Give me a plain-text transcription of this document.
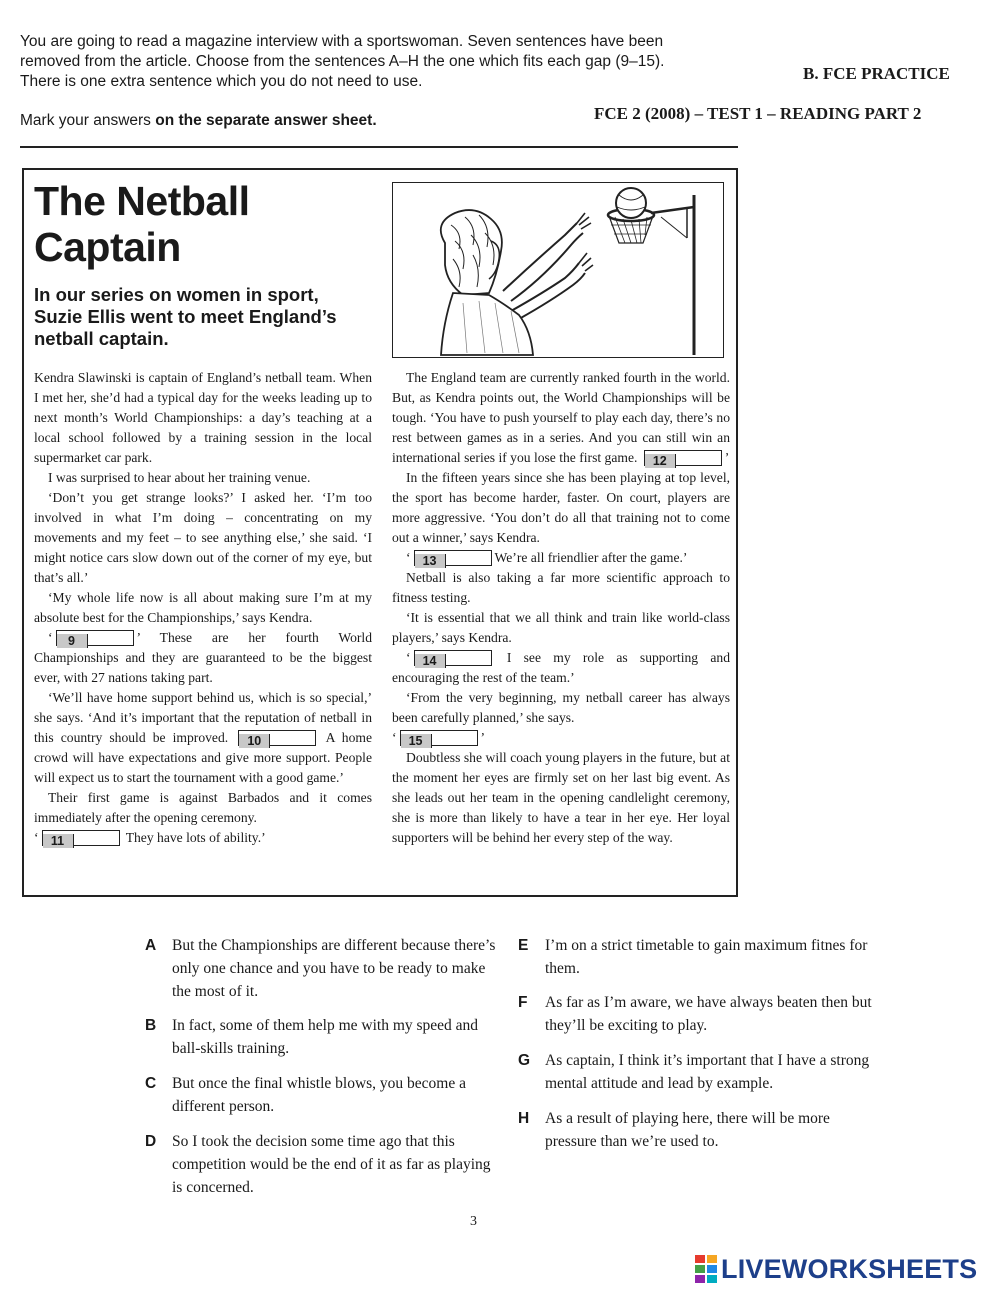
You are going to read a magazine interview with a sportswoman. Seven sentences have been

removed from the article. Choose from the sentences A–H the one which fits each gap (9–15).

There is one extra sentence which you do not need to use.

Mark your answers on the separate answer sheet.
B. FCE PRACTICE
FCE 2 (2008) – TEST 1 – READING PART 2
The Netball
Captain
In our series on women in sport,
Suzie Ellis went to meet England’s
netball captain.

Kendra Slawinski is captain of England’s netball team. When I met her, she’d had a typical day for the weeks leading up to next month’s World Championships: a day’s teaching at a local school followed by a training session in the local supermarket car park.

I was surprised to hear about her training venue.

‘Don’t you get strange looks?’ I asked her. ‘I’m too involved in what I’m doing – concentrating on my movements and my feet – to see anything else,’ she said. ‘I might notice cars slow down out of the corner of my eye, but that’s all.’

‘My whole life now is all about making sure I’m at my absolute best for the Championships,’ says Kendra.

‘ 9	’ These are her fourth World Championships and they are guaranteed to be the biggest ever, with 27 nations taking part.

‘We’ll have home support behind us, which is so special,’ she says. ‘And it’s important that the reputation of netball in this country should be improved. 10	A home crowd will have expectations and give more support. People will expect us to start the tournament with a good game.’

Their first game is against Barbados and it comes immediately after the opening ceremony.
‘ 11	They have lots of ability.’

The England team are currently ranked fourth in the world. But, as Kendra points out, the World Championships will be tough. ‘You have to push yourself to play each day, there’s no rest between games as in a series. And you can still win an international series if you lose the first game. 12	’

In the fifteen years since she has been playing at top level, the sport has become harder, faster. On court, players are more aggressive. ‘You don’t do all that training not to come out a winner,’ says Kendra.

‘ 13	We’re all friendlier after the game.’

Netball is also taking a far more scientific approach to fitness testing.

‘It is essential that we all think and train like world-class players,’ says Kendra.

‘ 14	I see my role as supporting and encouraging the rest of the team.’

‘From the very beginning, my netball career has always been carefully planned,’ she says.
‘ 15	’

Doubtless she will coach young players in the future, but at the moment her eyes are firmly set on her last big event. As she leads out her team in the opening candlelight ceremony, she is more than likely to have a tear in her eye. Her loyal supporters will be behind her every step of the way.

A But the Championships are different because there’s only one chance and you have to be ready to make the most of it.
B In fact, some of them help me with my speed and ball-skills training.
C But once the final whistle blows, you become a different person.
D So I took the decision some time ago that this competition would be the end of it as far as playing is concerned.
E I’m on a strict timetable to gain maximum fitnes for them.
F As far as I’m aware, we have always beaten then but they’ll be exciting to play.
G As captain, I think it’s important that I have a strong mental attitude and lead by example.
H As a result of playing here, there will be more pressure than we’re used to.
3
LIVEWORKSHEETS
